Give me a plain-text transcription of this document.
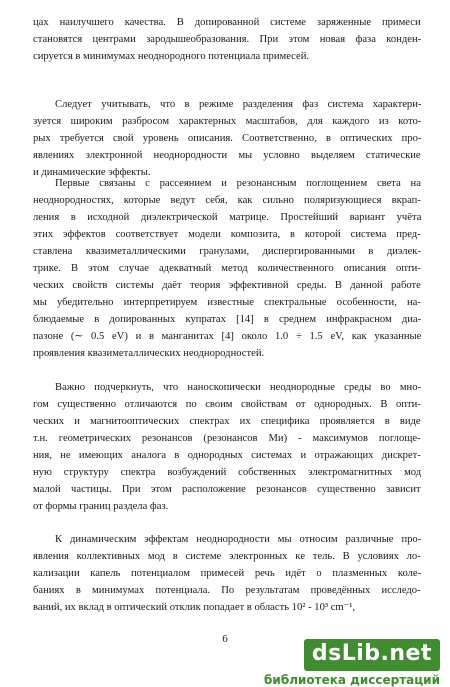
цах наилучшего качества. В допированной системе заряженные примеси
становятся центрами зародышеобразования. При этом новая фаза конден-
сируется в минимумах неоднородного потенциала примесей.

Следует учитывать, что в режиме разделения фаз система характери-
зуется широким разбросом характерных масштабов, для каждого из кото-
рых требуется свой уровень описания. Соответственно, в оптических про-
явлениях электронной неоднородности мы условно выделяем статические
и динамические эффекты.

Первые связаны с рассеянием и резонансным поглощением света на
неоднородностях, которые ведут себя, как сильно поляризующиеся вкрап-
ления в исходной диэлектрической матрице. Простейший вариант учёта
этих эффектов соответствует модели композита, в которой система пред-
ставлена квазиметаллическими гранулами, диспергированными в диэлек-
трике. В этом случае адекватный метод количественного описания опти-
ческих свойств системы даёт теория эффективной среды. В данной работе
мы убедительно интерпретируем известные спектральные особенности, на-
блюдаемые в допированных купратах [14] в среднем инфракрасном диа-
пазоне (∼ 0.5 eV) и в манганитах [4] около 1.0 ÷ 1.5 eV, как указанные
проявления квазиметаллических неоднородностей.

Важно подчеркнуть, что наноскопически неоднородные среды во мно-
гом существенно отличаются по своим свойствам от однородных. В опти-
ческих и магнитооптических спектрах их специфика проявляется в виде
т.н. геометрических резонансов (резонансов Ми) - максимумов поглоще-
ния, не имеющих аналога в однородных системах и отражающих дискрет-
ную структуру спектра возбуждений собственных электромагнитных мод
малой частицы. При этом расположение резонансов существенно зависит
от формы границ раздела фаз.

К динамическим эффектам неоднородности мы относим различные про-
явления коллективных мод в системе электронных кe тель. В условиях ло-
кализации капель потенциалом примесей речь идёт о плазменных коле-
баниях в минимумах потенциала. По результатам проведённых исследо-
ваний, их вклад в оптический отклик попадает в область 10² - 10³ cm⁻¹,

6
dsLib.net
библиотека диссертаций
